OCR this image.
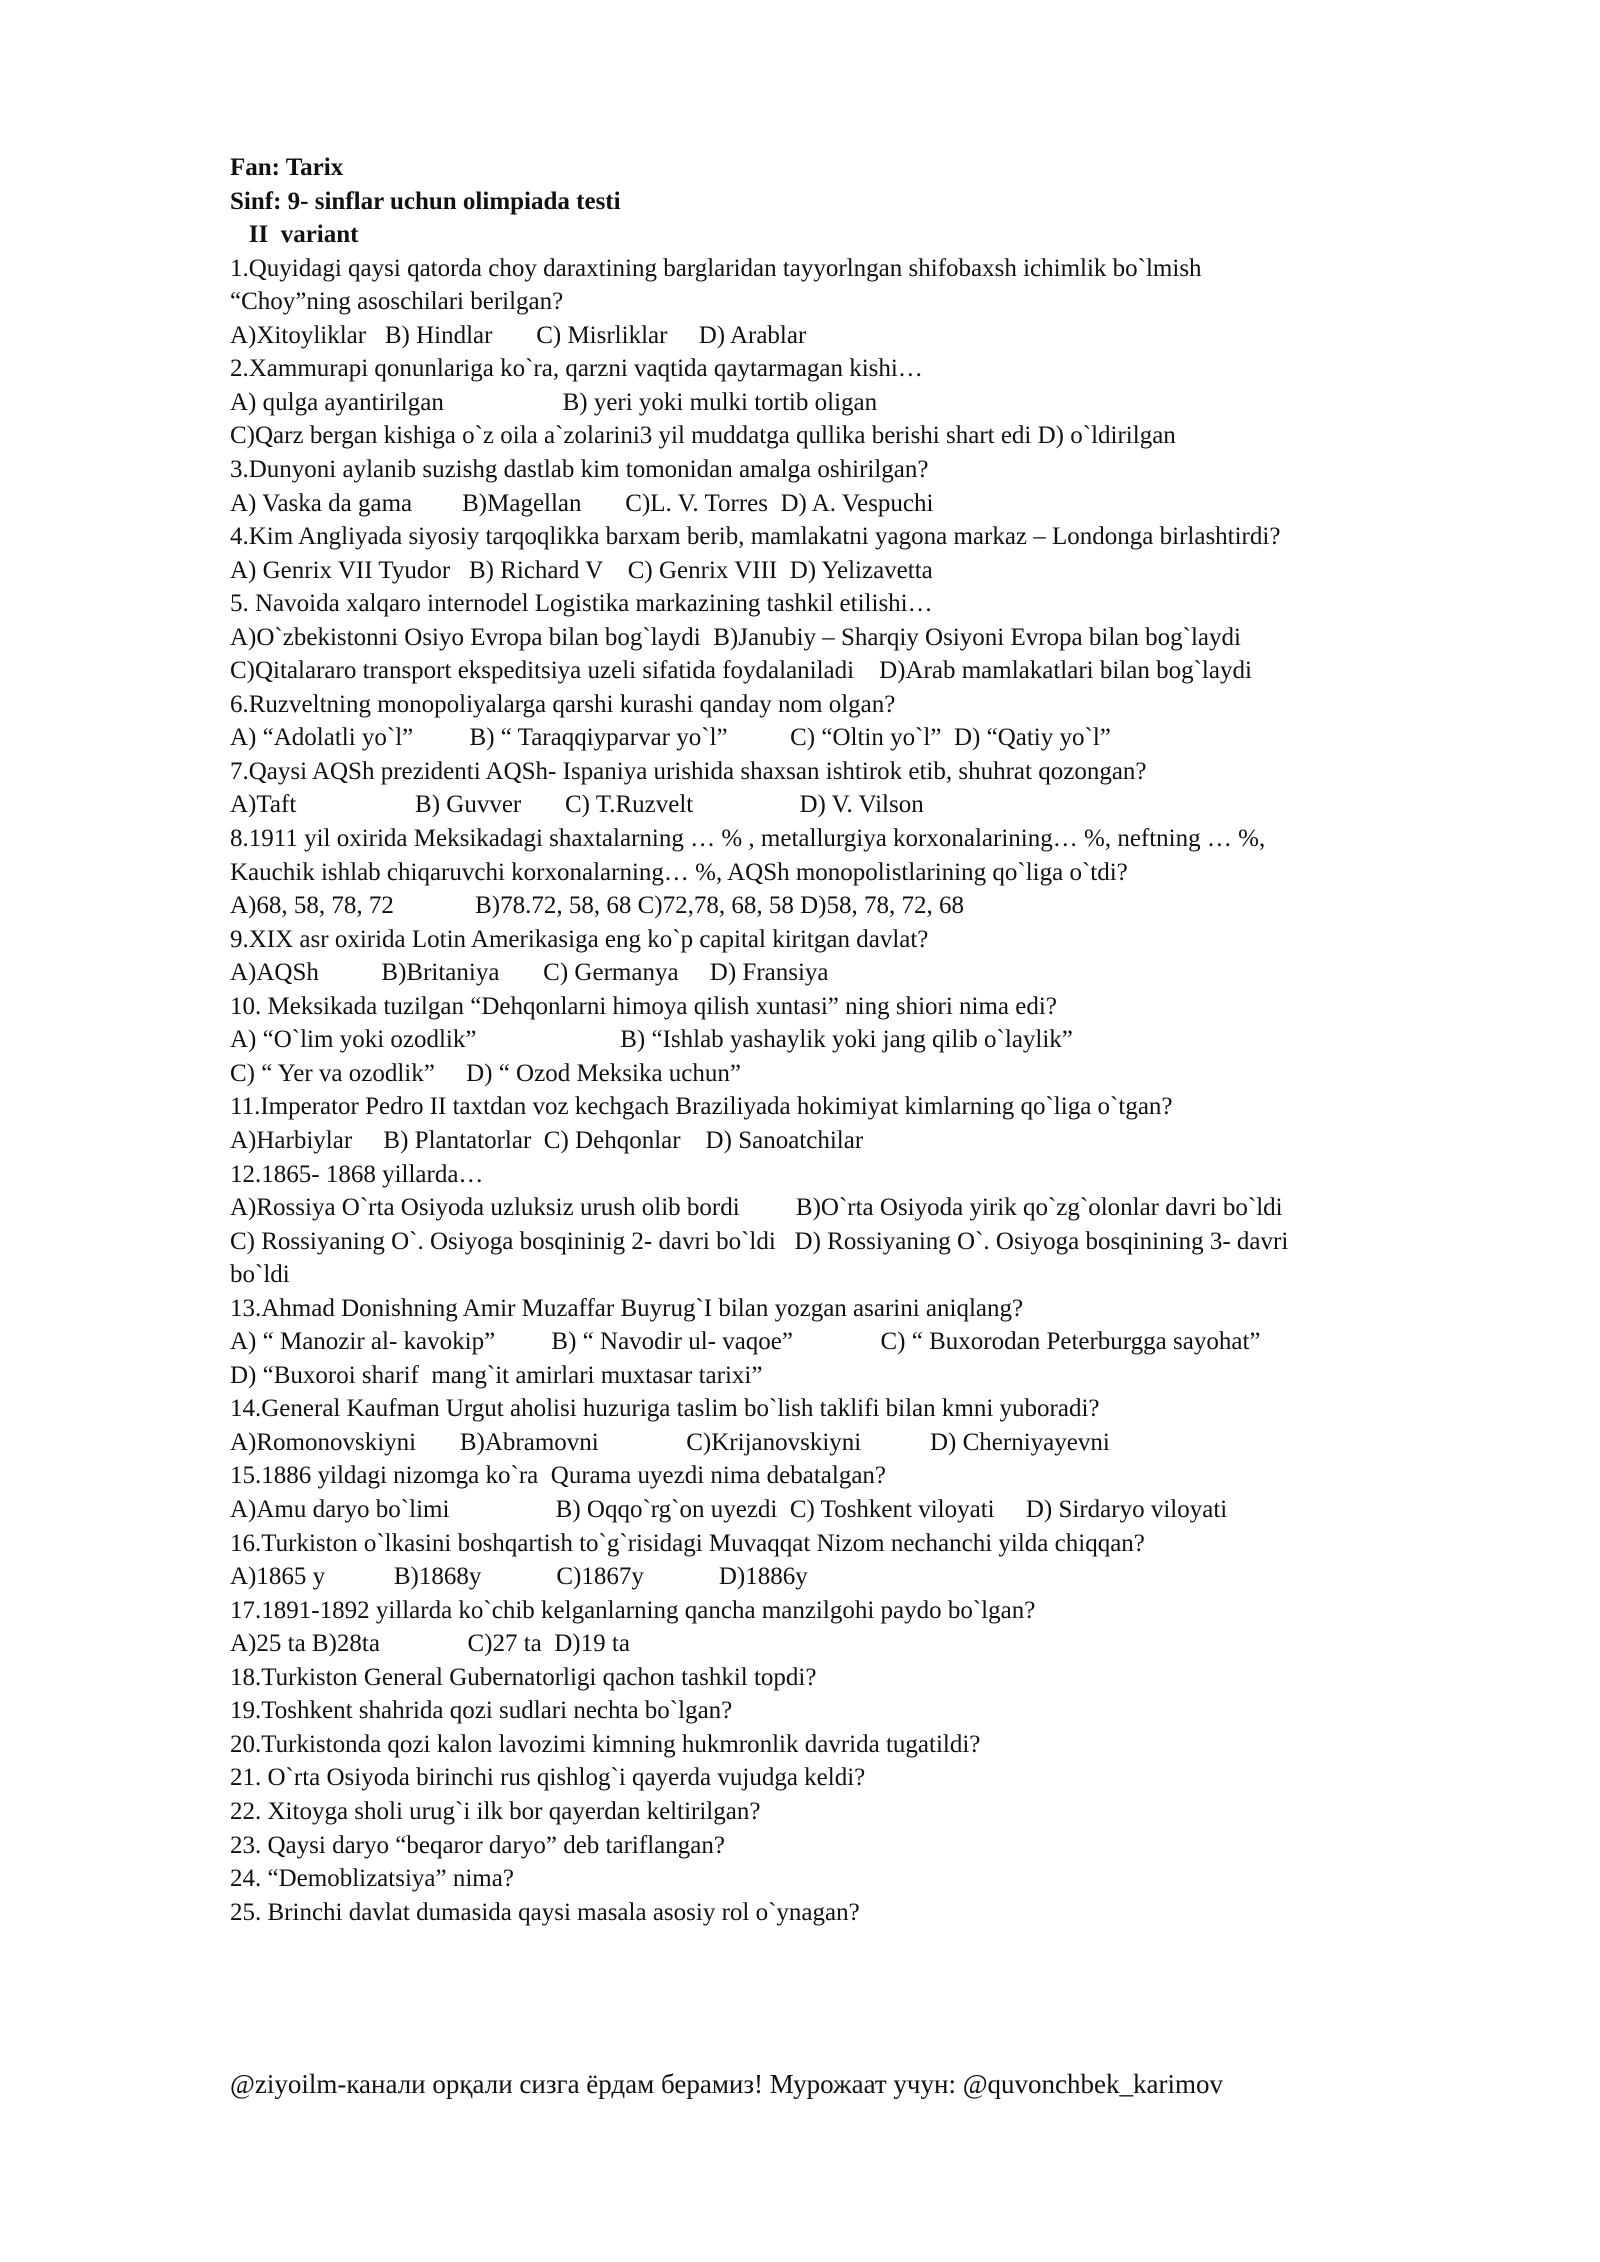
Fan: Tarix
Sinf: 9- sinflar uchun olimpiada testi
II  variant
1.Quyidagi qaysi qatorda choy daraxtining barglaridan tayyorlngan shifobaxsh ichimlik bo`lmish
“Choy”ning asoschilari berilgan?
A)Xitoyliklar   B) Hindlar       C) Misrliklar     D) Arablar
2.Xammurapi qonunlariga ko`ra, qarzni vaqtida qaytarmagan kishi…
A) qulga ayantirilgan                   B) yeri yoki mulki tortib oligan
C)Qarz bergan kishiga o`z oila a`zolarini3 yil muddatga qullika berishi shart edi D) o`ldirilgan
3.Dunyoni aylanib suzishg dastlab kim tomonidan amalga oshirilgan?
A) Vaska da gama        B)Magellan       C)L. V. Torres  D) A. Vespuchi
4.Kim Angliyada siyosiy tarqoqlikka barxam berib, mamlakatni yagona markaz – Londonga birlashtirdi?
A) Genrix VII Tyudor   B) Richard V    C) Genrix VIII  D) Yelizavetta
5. Navoida xalqaro internodel Logistika markazining tashkil etilishi…
A)O`zbekistonni Osiyo Evropa bilan bog`laydi  B)Janubiy – Sharqiy Osiyoni Evropa bilan bog`laydi
C)Qitalararo transport ekspeditsiya uzeli sifatida foydalaniladi    D)Arab mamlakatlari bilan bog`laydi
6.Ruzveltning monopoliyalarga qarshi kurashi qanday nom olgan?
A) “Adolatli yo`l”         B) “ Taraqqiyparvar yo`l”          C) “Oltin yo`l”  D) “Qatiy yo`l”
7.Qaysi AQSh prezidenti AQSh- Ispaniya urishida shaxsan ishtirok etib, shuhrat qozongan?
A)Taft                   B) Guvver       C) T.Ruzvelt                 D) V. Vilson
8.1911 yil oxirida Meksikadagi shaxtalarning … % , metallurgiya korxonalarining… %, neftning … %,
Kauchik ishlab chiqaruvchi korxonalarning… %, AQSh monopolistlarining qo`liga o`tdi?
A)68, 58, 78, 72             B)78.72, 58, 68 C)72,78, 68, 58 D)58, 78, 72, 68
9.XIX asr oxirida Lotin Amerikasiga eng ko`p capital kiritgan davlat?
A)AQSh          B)Britaniya       C) Germanya     D) Fransiya
10. Meksikada tuzilgan “Dehqonlarni himoya qilish xuntasi” ning shiori nima edi?
A) “O`lim yoki ozodlik”                       B) “Ishlab yashaylik yoki jang qilib o`laylik”
C) “ Yer va ozodlik”     D) “ Ozod Meksika uchun”
11.Imperator Pedro II taxtdan voz kechgach Braziliyada hokimiyat kimlarning qo`liga o`tgan?
A)Harbiylar     B) Plantatorlar  C) Dehqonlar    D) Sanoatchilar
12.1865- 1868 yillarda…
A)Rossiya O`rta Osiyoda uzluksiz urush olib bordi         B)O`rta Osiyoda yirik qo`zg`olonlar davri bo`ldi
C) Rossiyaning O`. Osiyoga bosqininig 2- davri bo`ldi   D) Rossiyaning O`. Osiyoga bosqinining 3- davri
bo`ldi
13.Ahmad Donishning Amir Muzaffar Buyrug`I bilan yozgan asarini aniqlang?
A) “ Manozir al- kavokip”         B) “ Navodir ul- vaqoe”              C) “ Buxorodan Peterburgga sayohat”
D) “Buxoroi sharif  mang`it amirlari muxtasar tarixi”
14.General Kaufman Urgut aholisi huzuriga taslim bo`lish taklifi bilan kmni yuboradi?
A)Romonovskiyni       B)Abramovni              C)Krijanovskiyni           D) Cherniyayevni
15.1886 yildagi nizomga ko`ra  Qurama uyezdi nima debatalgan?
A)Amu daryo bo`limi                 B) Oqqo`rg`on uyezdi  C) Toshkent viloyati     D) Sirdaryo viloyati
16.Turkiston o`lkasini boshqartish to`g`risidagi Muvaqqat Nizom nechanchi yilda chiqqan?
A)1865 y           B)1868y            C)1867y            D)1886y
17.1891-1892 yillarda ko`chib kelganlarning qancha manzilgohi paydo bo`lgan?
A)25 ta B)28ta              C)27 ta  D)19 ta
18.Turkiston General Gubernatorligi qachon tashkil topdi?
19.Toshkent shahrida qozi sudlari nechta bo`lgan?
20.Turkistonda qozi kalon lavozimi kimning hukmronlik davrida tugatildi?
21. O`rta Osiyoda birinchi rus qishlog`i qayerda vujudga keldi?
22. Xitoyga sholi urug`i ilk bor qayerdan keltirilgan?
23. Qaysi daryo “beqaror daryo” deb tariflangan?
24. “Demoblizatsiya” nima?
25. Brinchi davlat dumasida qaysi masala asosiy rol o`ynagan?
@ziyoilm-канали орқали сизга ёрдам берамиз! Мурожаат учун: @quvonchbek_karimov
